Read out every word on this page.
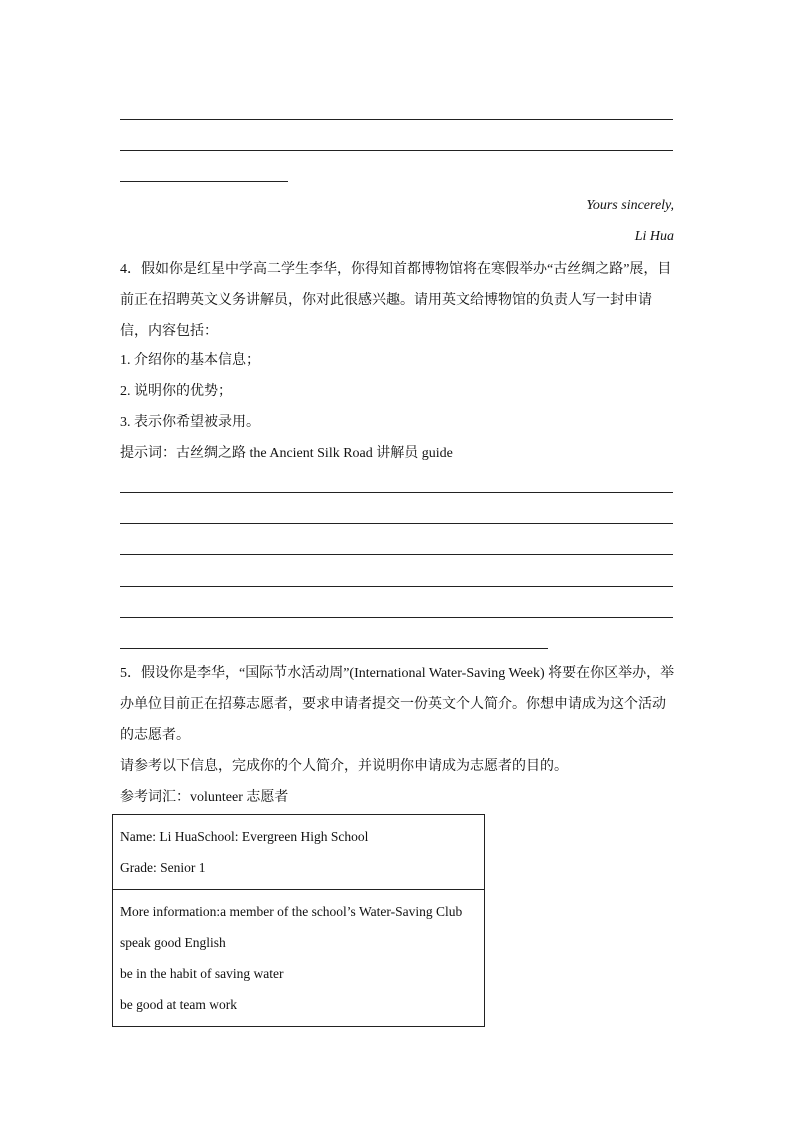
Yours sincerely,
Li Hua
4．假如你是红星中学高二学生李华，你得知首都博物馆将在寒假举办“古丝绸之路”展，目前正在招聘英文义务讲解员，你对此很感兴趣。请用英文给博物馆的负责人写一封申请信，内容包括：
1. 介绍你的基本信息；
2. 说明你的优势；
3. 表示你希望被录用。
提示词：古丝绸之路 the Ancient Silk Road 讲解员 guide
5．假设你是李华，“国际节水活动周”(International Water-Saving Week) 将要在你区举办，举办单位目前正在招募志愿者，要求申请者提交一份英文个人简介。你想申请成为这个活动的志愿者。
请参考以下信息，完成你的个人简介，并说明你申请成为志愿者的目的。
参考词汇：volunteer 志愿者
Name: Li HuaSchool: Evergreen High School
Grade: Senior 1
More information:a member of the school’s Water-Saving Club
speak good English
be in the habit of saving water
be good at team work
